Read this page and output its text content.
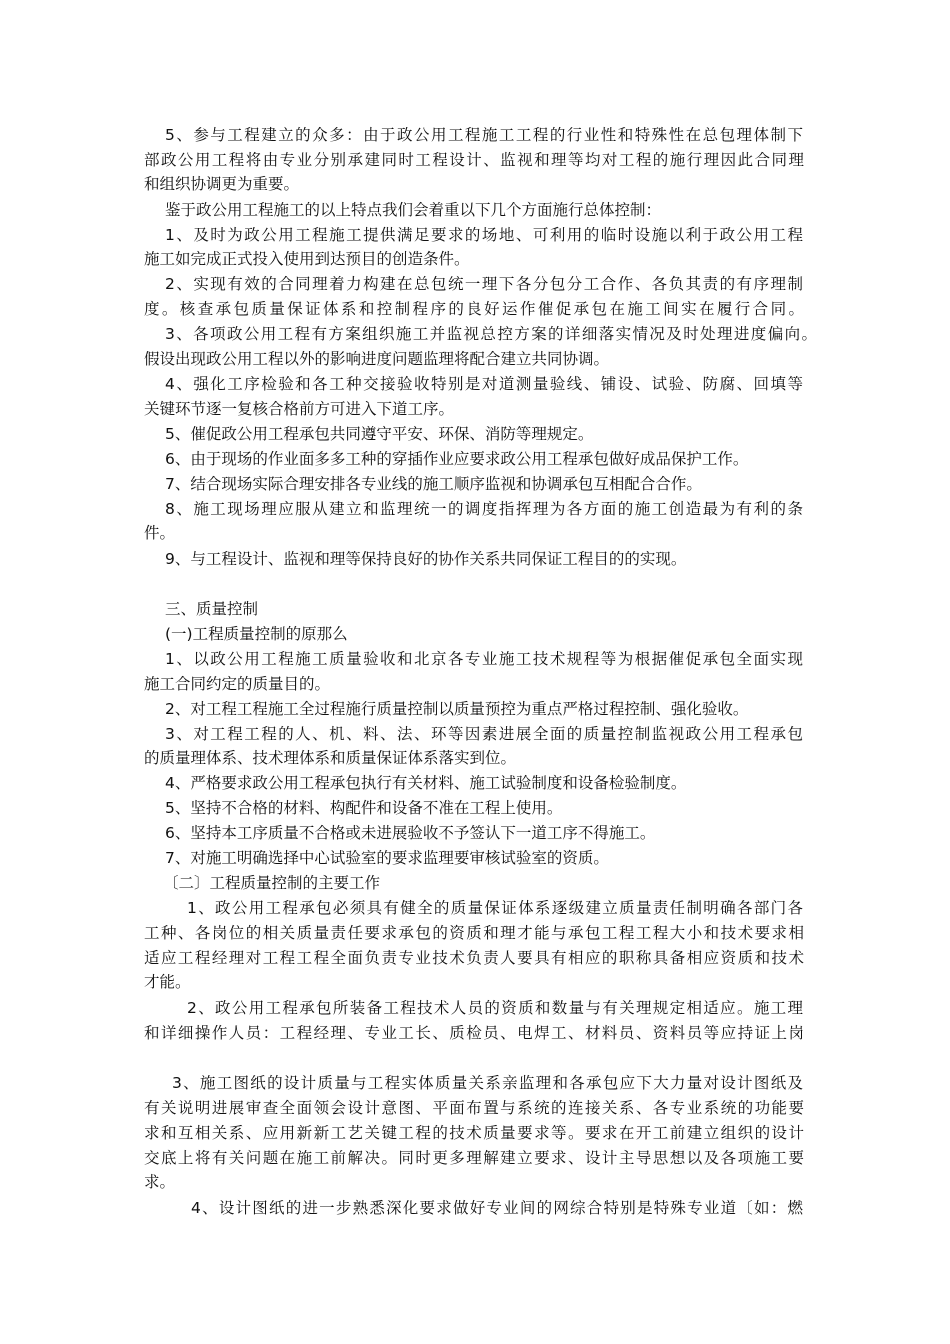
5、参与工程建立的众多：由于政公用工程施工工程的行业性和特殊性在总包理体制下
部政公用工程将由专业分别承建同时工程设计、监视和理等均对工程的施行理因此合同理
和组织协调更为重要。
鉴于政公用工程施工的以上特点我们会着重以下几个方面施行总体控制：
1、及时为政公用工程施工提供满足要求的场地、可利用的临时设施以利于政公用工程
施工如完成正式投入使用到达预目的创造条件。
2、实现有效的合同理着力构建在总包统一理下各分包分工合作、各负其责的有序理制
度。核查承包质量保证体系和控制程序的良好运作催促承包在施工间实在履行合同。
3、各项政公用工程有方案组织施工并监视总控方案的详细落实情况及时处理进度偏向。
假设出现政公用工程以外的影响进度问题监理将配合建立共同协调。
4、强化工序检验和各工种交接验收特别是对道测量验线、铺设、试验、防腐、回填等
关键环节逐一复核合格前方可进入下道工序。
5、催促政公用工程承包共同遵守平安、环保、消防等理规定。
6、由于现场的作业面多多工种的穿插作业应要求政公用工程承包做好成品保护工作。
7、结合现场实际合理安排各专业线的施工顺序监视和协调承包互相配合合作。
8、施工现场理应服从建立和监理统一的调度指挥理为各方面的施工创造最为有利的条
件。
9、与工程设计、监视和理等保持良好的协作关系共同保证工程目的的实现。
三、质量控制
(一)工程质量控制的原那么
1、以政公用工程施工质量验收和北京各专业施工技术规程等为根据催促承包全面实现
施工合同约定的质量目的。
2、对工程工程施工全过程施行质量控制以质量预控为重点严格过程控制、强化验收。
3、对工程工程的人、机、料、法、环等因素进展全面的质量控制监视政公用工程承包
的质量理体系、技术理体系和质量保证体系落实到位。
4、严格要求政公用工程承包执行有关材料、施工试验制度和设备检验制度。
5、坚持不合格的材料、构配件和设备不准在工程上使用。
6、坚持本工序质量不合格或未进展验收不予签认下一道工序不得施工。
7、对施工明确选择中心试验室的要求监理要审核试验室的资质。
〔二〕工程质量控制的主要工作
1、政公用工程承包必须具有健全的质量保证体系逐级建立质量责任制明确各部门各
工种、各岗位的相关质量责任要求承包的资质和理才能与承包工程工程大小和技术要求相
适应工程经理对工程工程全面负责专业技术负责人要具有相应的职称具备相应资质和技术
才能。
2、政公用工程承包所装备工程技术人员的资质和数量与有关理规定相适应。施工理
和详细操作人员：工程经理、专业工长、质检员、电焊工、材料员、资料员等应持证上岗
3、施工图纸的设计质量与工程实体质量关系亲监理和各承包应下大力量对设计图纸及
有关说明进展审查全面领会设计意图、平面布置与系统的连接关系、各专业系统的功能要
求和互相关系、应用新新工艺关键工程的技术质量要求等。要求在开工前建立组织的设计
交底上将有关问题在施工前解决。同时更多理解建立要求、设计主导思想以及各项施工要
求。
4、设计图纸的进一步熟悉深化要求做好专业间的网综合特别是特殊专业道〔如：燃
